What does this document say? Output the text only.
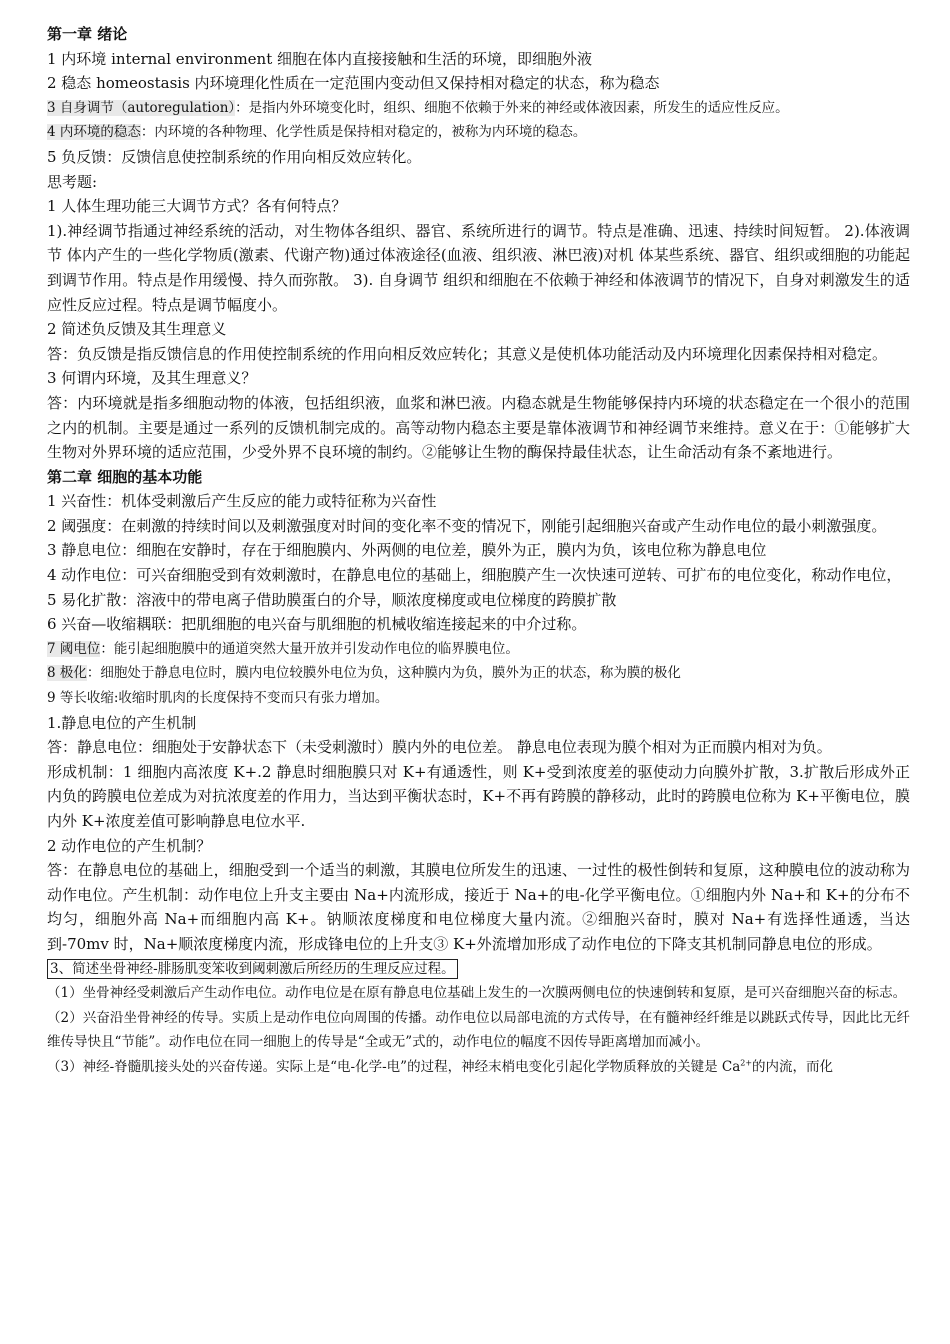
第一章 绪论

1 内环境 internal environment 细胞在体内直接接触和生活的环境，即细胞外液

2 稳态 homeostasis 内环境理化性质在一定范围内变动但又保持相对稳定的状态，称为稳态

3 自身调节（autoregulation）：是指内外环境变化时，组织、细胞不依赖于外来的神经或体液因素，所发生的适应性反应。

4 内环境的稳态：内环境的各种物理、化学性质是保持相对稳定的，被称为内环境的稳态。

5 负反馈：反馈信息使控制系统的作用向相反效应转化。

思考题:

1 人体生理功能三大调节方式？各有何特点？

1).神经调节指通过神经系统的活动，对生物体各组织、器官、系统所进行的调节。特点是准确、迅速、持续时间短暂。 2).体液调节 体内产生的一些化学物质(激素、代谢产物)通过体液途径(血液、组织液、淋巴液)对机 体某些系统、器官、组织或细胞的功能起到调节作用。特点是作用缓慢、持久而弥散。 3). 自身调节 组织和细胞在不依赖于神经和体液调节的情况下，自身对刺激发生的适应性反应过程。特点是调节幅度小。

2 简述负反馈及其生理意义

答：负反馈是指反馈信息的作用使控制系统的作用向相反效应转化；其意义是使机体功能活动及内环境理化因素保持相对稳定。

3 何谓内环境，及其生理意义？

答：内环境就是指多细胞动物的体液，包括组织液，血浆和淋巴液。内稳态就是生物能够保持内环境的状态稳定在一个很小的范围之内的机制。主要是通过一系列的反馈机制完成的。高等动物内稳态主要是靠体液调节和神经调节来维持。意义在于：①能够扩大生物对外界环境的适应范围，少受外界不良环境的制约。②能够让生物的酶保持最佳状态，让生命活动有条不紊地进行。

第二章 细胞的基本功能

1 兴奋性：机体受刺激后产生反应的能力或特征称为兴奋性

2 阈强度：在刺激的持续时间以及刺激强度对时间的变化率不变的情况下，刚能引起细胞兴奋或产生动作电位的最小刺激强度。

3 静息电位：细胞在安静时，存在于细胞膜内、外两侧的电位差，膜外为正，膜内为负，该电位称为静息电位

4 动作电位：可兴奋细胞受到有效刺激时，在静息电位的基础上，细胞膜产生一次快速可逆转、可扩布的电位变化，称动作电位，

5 易化扩散：溶液中的带电离子借助膜蛋白的介导，顺浓度梯度或电位梯度的跨膜扩散

6 兴奋—收缩耦联：把肌细胞的电兴奋与肌细胞的机械收缩连接起来的中介过称。

7 阈电位：能引起细胞膜中的通道突然大量开放并引发动作电位的临界膜电位。

8 极化：细胞处于静息电位时，膜内电位较膜外电位为负，这种膜内为负，膜外为正的状态，称为膜的极化

9 等长收缩:收缩时肌肉的长度保持不变而只有张力增加。

1.静息电位的产生机制

答：静息电位：细胞处于安静状态下（未受刺激时）膜内外的电位差。 静息电位表现为膜个相对为正而膜内相对为负。

形成机制：1 细胞内高浓度 K+.2 静息时细胞膜只对 K+有通透性，则 K+受到浓度差的驱使动力向膜外扩散，3.扩散后形成外正内负的跨膜电位差成为对抗浓度差的作用力，当达到平衡状态时，K+不再有跨膜的静移动，此时的跨膜电位称为 K+平衡电位，膜内外 K+浓度差值可影响静息电位水平.

2 动作电位的产生机制？

答：在静息电位的基础上，细胞受到一个适当的刺激，其膜电位所发生的迅速、一过性的极性倒转和复原，这种膜电位的波动称为动作电位。产生机制：动作电位上升支主要由 Na+内流形成，接近于 Na+的电-化学平衡电位。①细胞内外 Na+和 K+的分布不均匀，细胞外高 Na+而细胞内高 K+。钠顺浓度梯度和电位梯度大量内流。②细胞兴奋时，膜对 Na+有选择性通透，当达到-70mv 时，Na+顺浓度梯度内流，形成锋电位的上升支③ K+外流增加形成了动作电位的下降支其机制同静息电位的形成。

3、简述坐骨神经-腓肠肌变笨收到阈刺激后所经历的生理反应过程。

（1）坐骨神经受刺激后产生动作电位。动作电位是在原有静息电位基础上发生的一次膜两侧电位的快速倒转和复原，是可兴奋细胞兴奋的标志。

（2）兴奋沿坐骨神经的传导。实质上是动作电位向周围的传播。动作电位以局部电流的方式传导，在有髓神经纤维是以跳跃式传导，因此比无纤维传导快且“节能”。动作电位在同一细胞上的传导是“全或无”式的，动作电位的幅度不因传导距离增加而减小。

（3）神经-脊髓肌接头处的兴奋传递。实际上是“电-化学-电”的过程，神经末梢电变化引起化学物质释放的关键是 $Ca^{2+}$的内流，而化
